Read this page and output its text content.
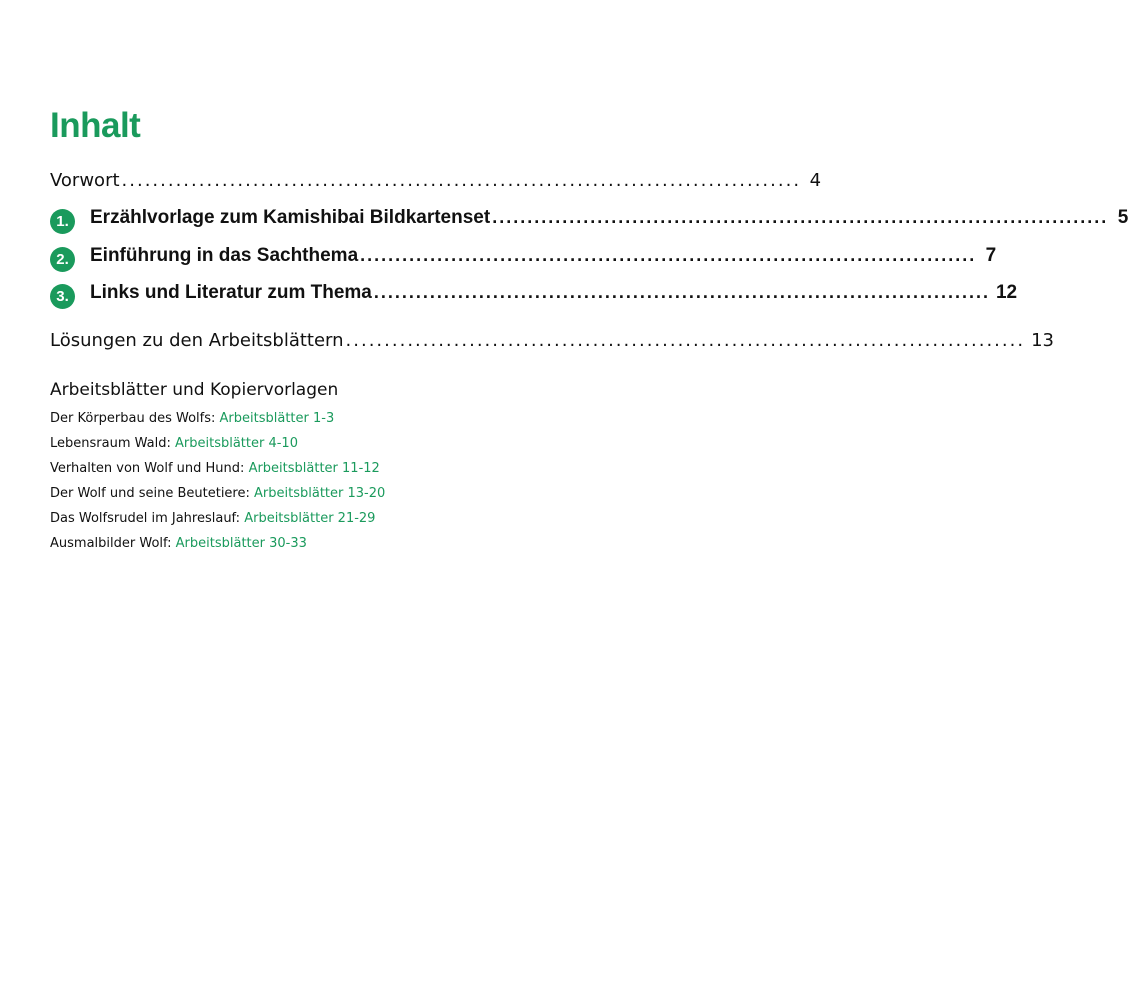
Inhalt
Vorwort ........................................................................................ 4
1.	Erzählvorlage zum Kamishibai Bildkartenset ........................................................................................ 5
2.	Einführung in das Sachthema ........................................................................................ 7
3.	Links und Literatur zum Thema ........................................................................................ 12
Lösungen zu den Arbeitsblättern ........................................................................................ 13
Arbeitsblätter und Kopiervorlagen
Der Körperbau des Wolfs: Arbeitsblätter 1-3
Lebensraum Wald: Arbeitsblätter 4-10
Verhalten von Wolf und Hund: Arbeitsblätter 11-12
Der Wolf und seine Beutetiere: Arbeitsblätter 13-20
Das Wolfsrudel im Jahreslauf: Arbeitsblätter 21-29
Ausmalbilder Wolf: Arbeitsblätter 30-33
